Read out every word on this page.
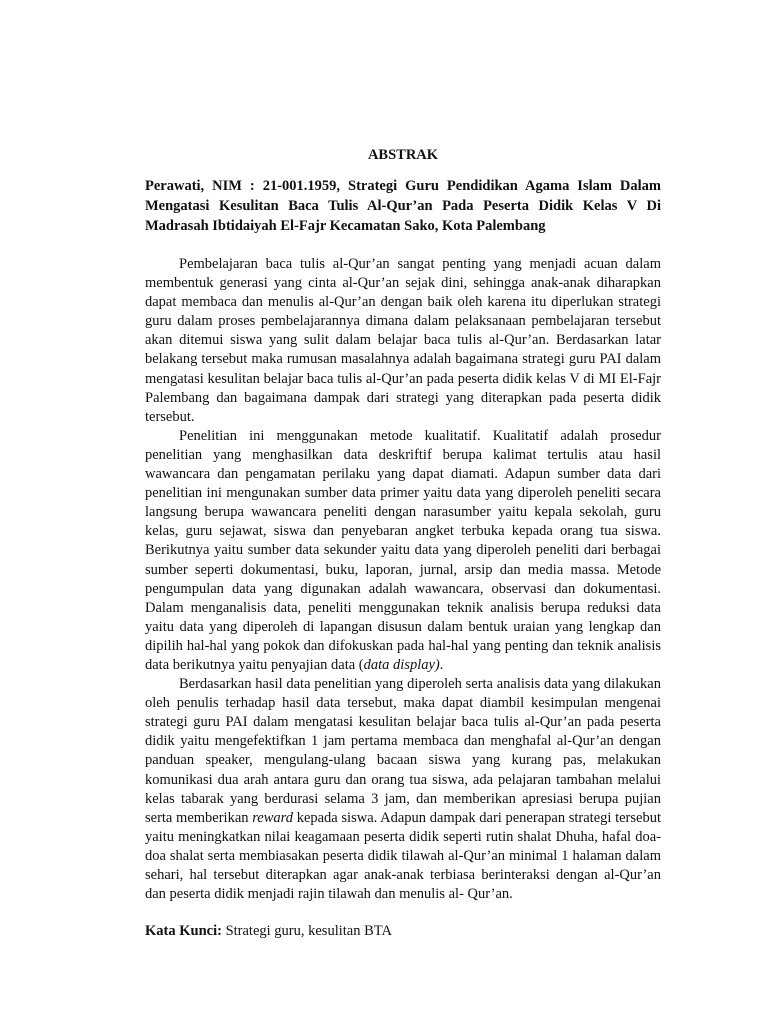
ABSTRAK
Perawati, NIM : 21-001.1959, Strategi Guru Pendidikan Agama Islam Dalam Mengatasi Kesulitan Baca Tulis Al-Qur’an Pada Peserta Didik Kelas V Di Madrasah Ibtidaiyah El-Fajr Kecamatan Sako, Kota Palembang

Pembelajaran baca tulis al-Qur’an sangat penting yang menjadi acuan dalam membentuk generasi yang cinta al-Qur’an sejak dini, sehingga anak-anak diharapkan dapat membaca dan menulis al-Qur’an dengan baik oleh karena itu diperlukan strategi guru dalam proses pembelajarannya dimana dalam pelaksanaan pembelajaran tersebut akan ditemui siswa yang sulit dalam belajar baca tulis al-Qur’an. Berdasarkan latar belakang tersebut maka rumusan masalahnya adalah bagaimana strategi guru PAI dalam mengatasi kesulitan belajar baca tulis al-Qur’an pada peserta didik kelas V di MI El-Fajr Palembang dan bagaimana dampak dari strategi yang diterapkan pada peserta didik tersebut.

Penelitian ini menggunakan metode kualitatif. Kualitatif adalah prosedur penelitian yang menghasilkan data deskriftif berupa kalimat tertulis atau hasil wawancara dan pengamatan perilaku yang dapat diamati. Adapun sumber data dari penelitian ini mengunakan sumber data primer yaitu data yang diperoleh peneliti secara langsung berupa wawancara peneliti dengan narasumber yaitu kepala sekolah, guru kelas, guru sejawat, siswa dan penyebaran angket terbuka kepada orang tua siswa. Berikutnya yaitu sumber data sekunder yaitu data yang diperoleh peneliti dari berbagai sumber seperti dokumentasi, buku, laporan, jurnal, arsip dan media massa. Metode pengumpulan data yang digunakan adalah wawancara, observasi dan dokumentasi. Dalam menganalisis data, peneliti menggunakan teknik analisis berupa reduksi data yaitu data yang diperoleh di lapangan disusun dalam bentuk uraian yang lengkap dan dipilih hal-hal yang pokok dan difokuskan pada hal-hal yang penting dan teknik analisis data berikutnya yaitu penyajian data (data display).

Berdasarkan hasil data penelitian yang diperoleh serta analisis data yang dilakukan oleh penulis terhadap hasil data tersebut, maka dapat diambil kesimpulan mengenai strategi guru PAI dalam mengatasi kesulitan belajar baca tulis al-Qur’an pada peserta didik yaitu mengefektifkan 1 jam pertama membaca dan menghafal al-Qur’an dengan panduan speaker, mengulang-ulang bacaan siswa yang kurang pas, melakukan komunikasi dua arah antara guru dan orang tua siswa, ada pelajaran tambahan melalui kelas tabarak yang berdurasi selama 3 jam, dan memberikan apresiasi berupa pujian serta memberikan reward kepada siswa. Adapun dampak dari penerapan strategi tersebut yaitu meningkatkan nilai keagamaan peserta didik seperti rutin shalat Dhuha, hafal doa-doa shalat serta membiasakan peserta didik tilawah al-Qur’an minimal 1 halaman dalam sehari, hal tersebut diterapkan agar anak-anak terbiasa berinteraksi dengan al-Qur’an dan peserta didik menjadi rajin tilawah dan menulis al- Qur’an.

Kata Kunci: Strategi guru, kesulitan BTA
